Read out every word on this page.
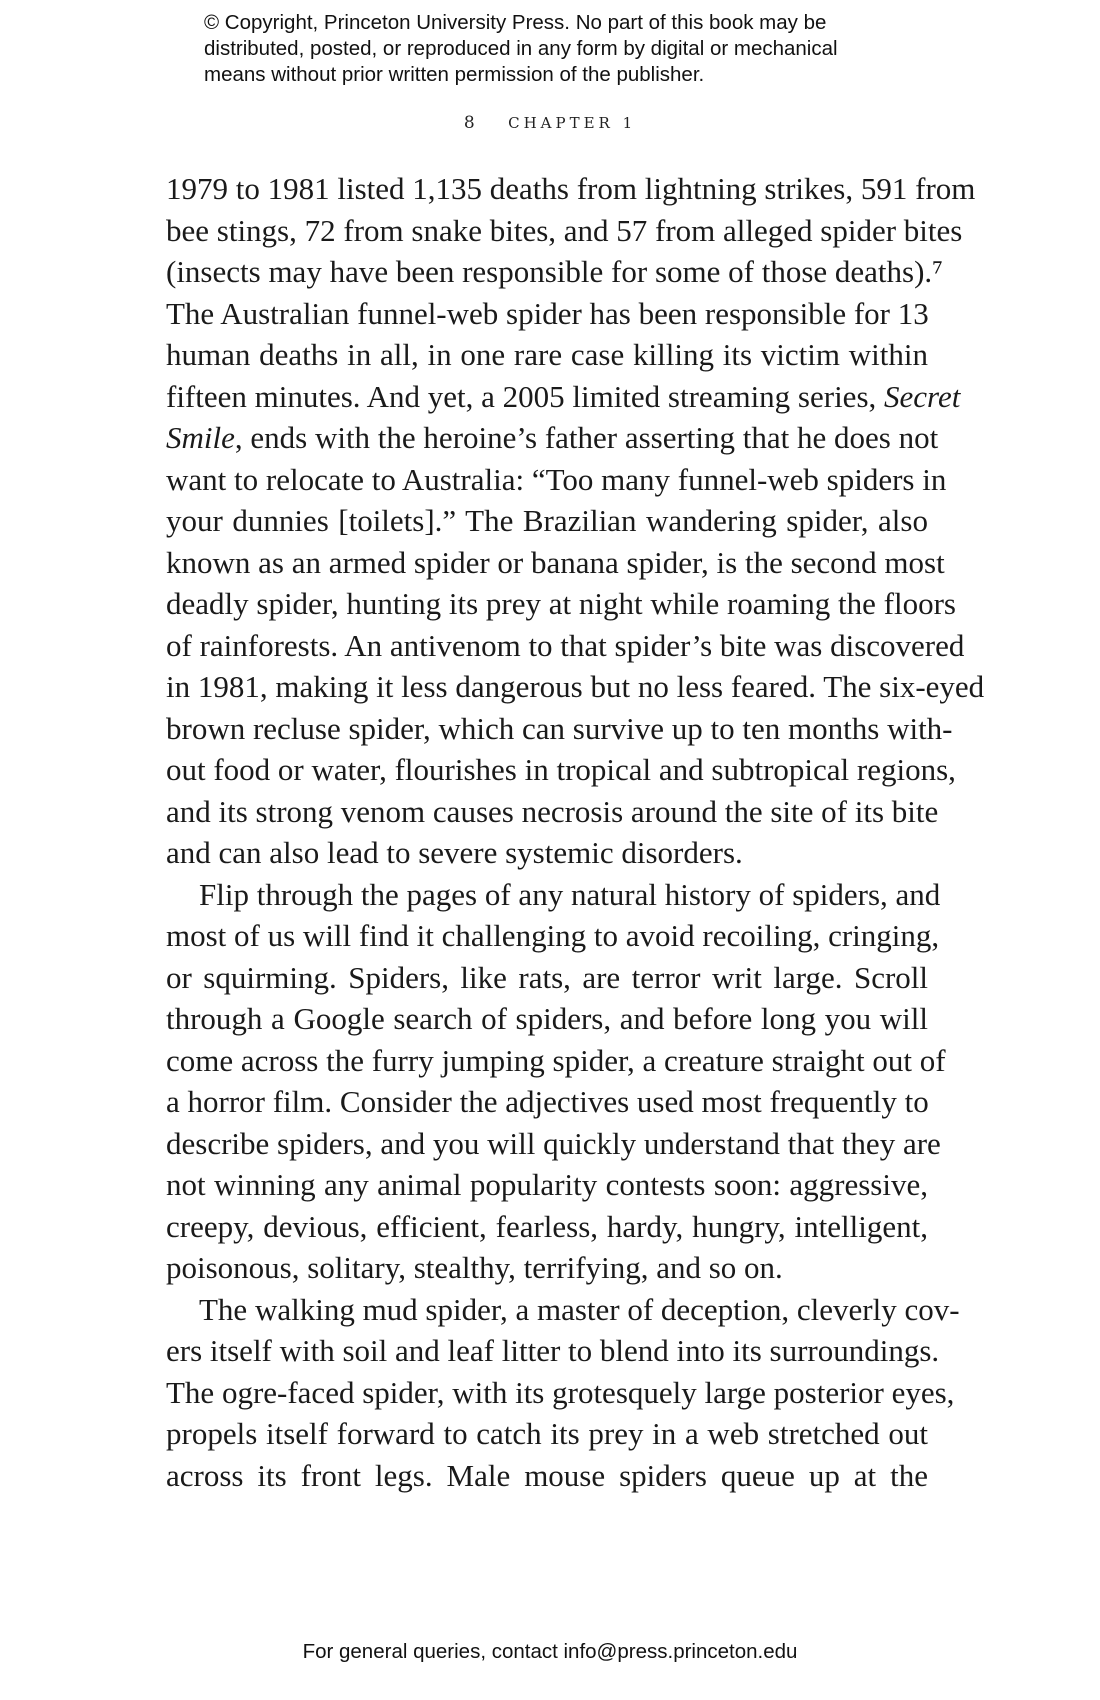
© Copyright, Princeton University Press. No part of this book may be
distributed, posted, or reproduced in any form by digital or mechanical
means without prior written permission of the publisher.
8 CHAPTER 1
1979 to 1981 listed 1,135 deaths from lightning strikes, 591 from
bee stings, 72 from snake bites, and 57 from alleged spider bites
(insects may have been responsible for some of those deaths).⁷
The Australian funnel-web spider has been responsible for 13
human deaths in all, in one rare case killing its victim within
fifteen minutes. And yet, a 2005 limited streaming series, Secret
Smile, ends with the heroine’s father asserting that he does not
want to relocate to Australia: “Too many funnel-web spiders in
your dunnies [toilets].” The Brazilian wandering spider, also
known as an armed spider or banana spider, is the second most
deadly spider, hunting its prey at night while roaming the floors
of rainforests. An antivenom to that spider’s bite was discovered
in 1981, making it less dangerous but no less feared. The six-eyed
brown recluse spider, which can survive up to ten months with-
out food or water, flourishes in tropical and subtropical regions,
and its strong venom causes necrosis around the site of its bite
and can also lead to severe systemic disorders.
Flip through the pages of any natural history of spiders, and
most of us will find it challenging to avoid recoiling, cringing,
or squirming. Spiders, like rats, are terror writ large. Scroll
through a Google search of spiders, and before long you will
come across the furry jumping spider, a creature straight out of
a horror film. Consider the adjectives used most frequently to
describe spiders, and you will quickly understand that they are
not winning any animal popularity contests soon: aggressive,
creepy, devious, efficient, fearless, hardy, hungry, intelligent,
poisonous, solitary, stealthy, terrifying, and so on.
The walking mud spider, a master of deception, cleverly cov-
ers itself with soil and leaf litter to blend into its surroundings.
The ogre-faced spider, with its grotesquely large posterior eyes,
propels itself forward to catch its prey in a web stretched out
across its front legs. Male mouse spiders queue up at the
For general queries, contact info@press.princeton.edu
